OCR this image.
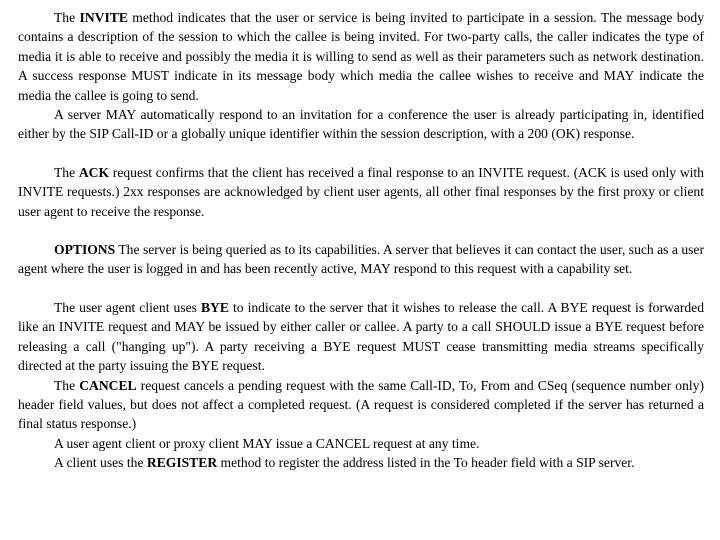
The INVITE method indicates that the user or service is being invited to participate in a session. The message body contains a description of the session to which the callee is being invited. For two-party calls, the caller indicates the type of media it is able to receive and possibly the media it is willing to send as well as their parameters such as network destination. A success response MUST indicate in its message body which media the callee wishes to receive and MAY indicate the media the callee is going to send.

A server MAY automatically respond to an invitation for a conference the user is already participating in, identified either by the SIP Call-ID or a globally unique identifier within the session description, with a 200 (OK) response.

The ACK request confirms that the client has received a final response to an INVITE request. (ACK is used only with INVITE requests.) 2xx responses are acknowledged by client user agents, all other final responses by the first proxy or client user agent to receive the response.

OPTIONS The server is being queried as to its capabilities. A server that believes it can contact the user, such as a user agent where the user is logged in and has been recently active, MAY respond to this request with a capability set.

The user agent client uses BYE to indicate to the server that it wishes to release the call. A BYE request is forwarded like an INVITE request and MAY be issued by either caller or callee. A party to a call SHOULD issue a BYE request before releasing a call ("hanging up"). A party receiving a BYE request MUST cease transmitting media streams specifically directed at the party issuing the BYE request.

The CANCEL request cancels a pending request with the same Call-ID, To, From and CSeq (sequence number only) header field values, but does not affect a completed request. (A request is considered completed if the server has returned a final status response.)

A user agent client or proxy client MAY issue a CANCEL request at any time.

A client uses the REGISTER method to register the address listed in the To header field with a SIP server.
